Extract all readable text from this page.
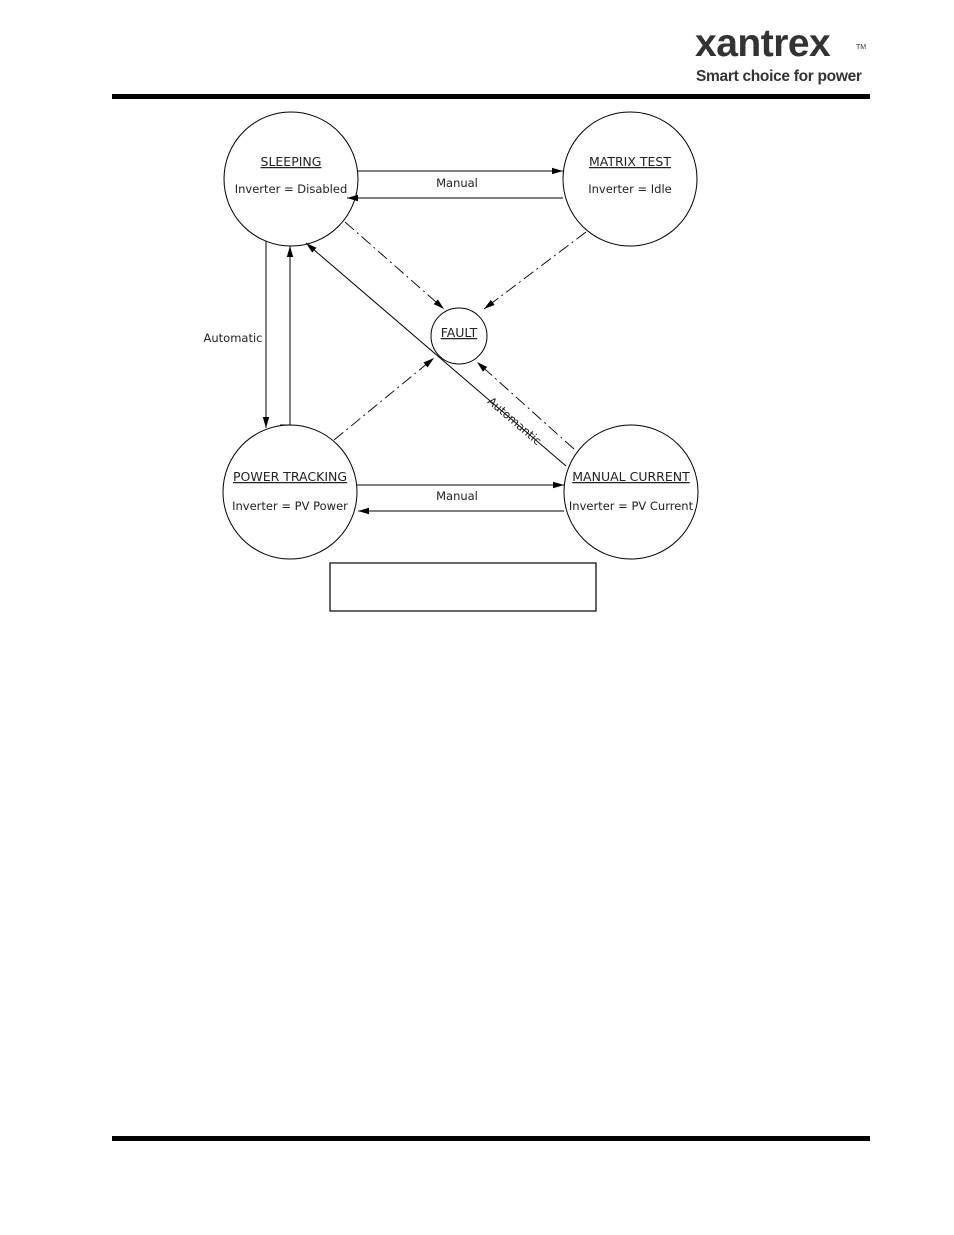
xantrex	TM
Smart choice for power
SLEEPING
Inverter = Disabled
MATRIX TEST
Inverter = Idle
FAULT
POWER TRACKING
Inverter = PV Power
MANUAL CURRENT
Inverter = PV Current
Manual
Manual
Automatic
Automantic
